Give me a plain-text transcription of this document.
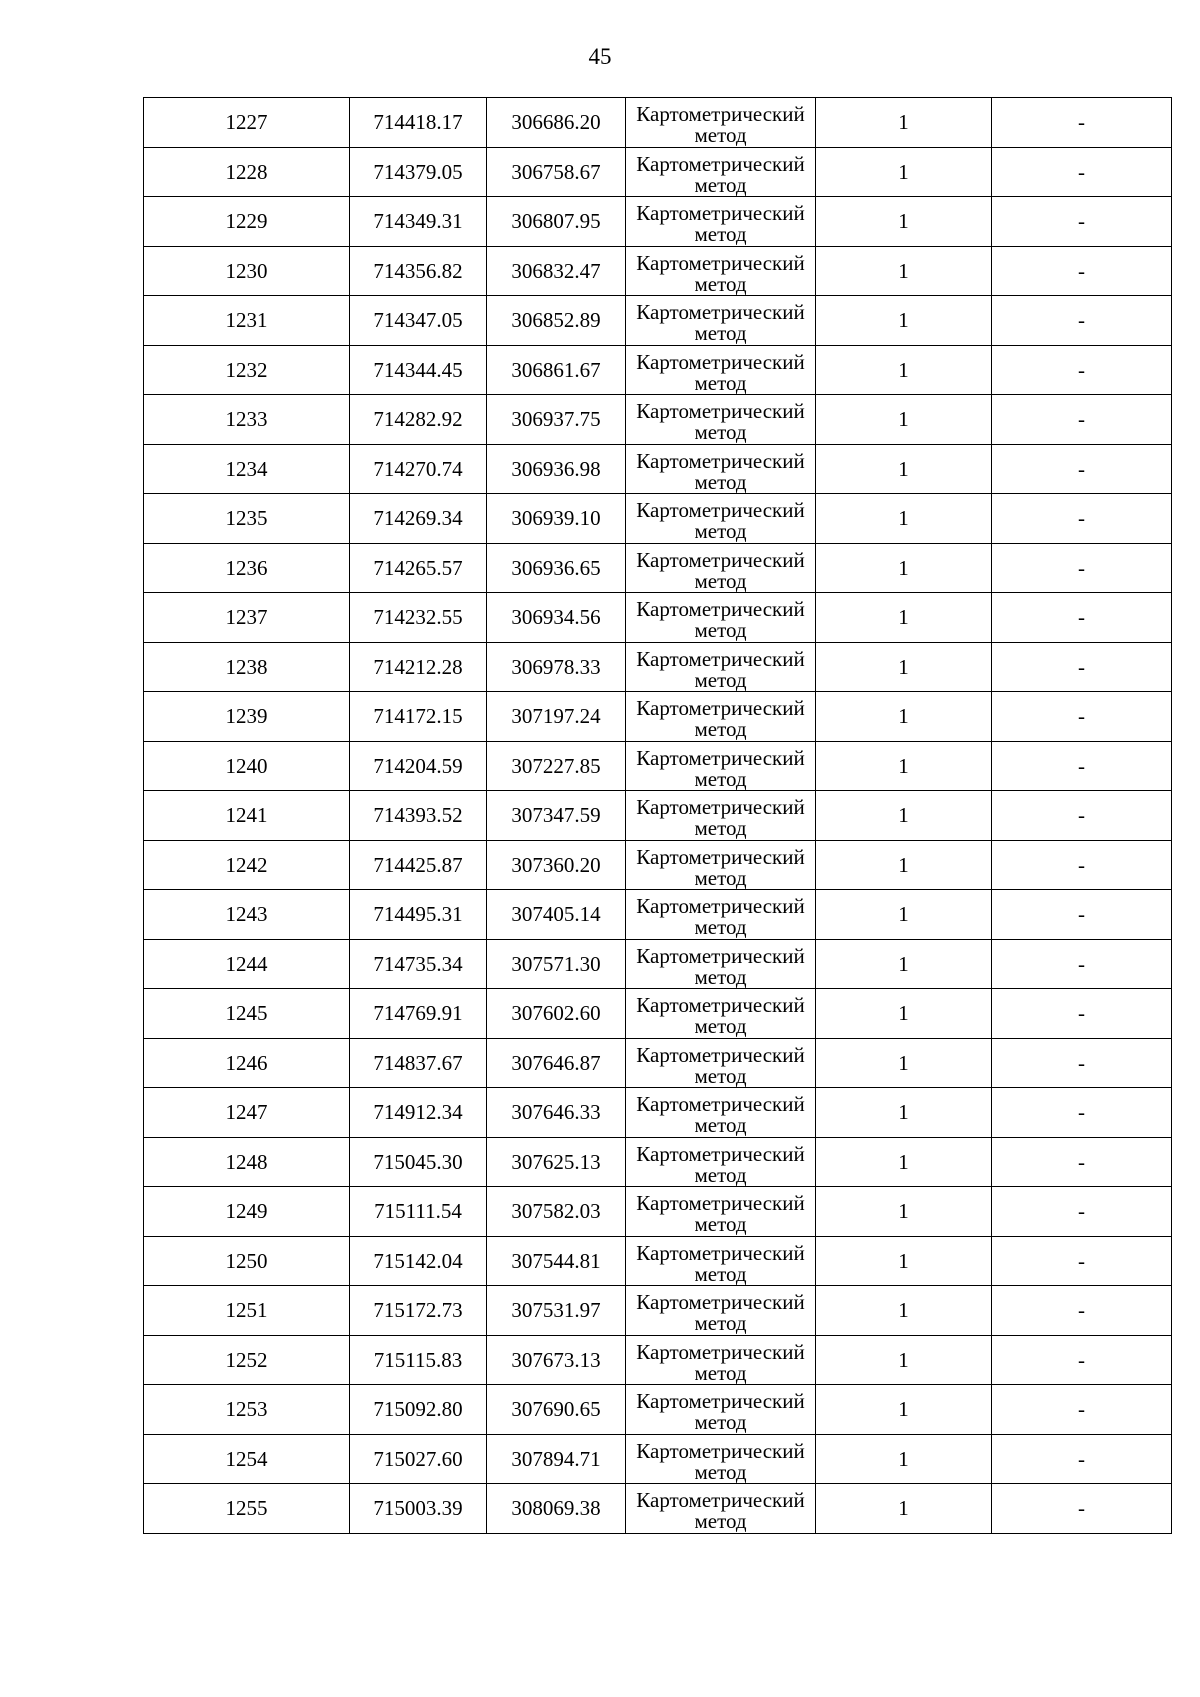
45
1227	714418.17	306686.20	Картометрический
метод	1	-
1228	714379.05	306758.67	Картометрический
метод	1	-
1229	714349.31	306807.95	Картометрический
метод	1	-
1230	714356.82	306832.47	Картометрический
метод	1	-
1231	714347.05	306852.89	Картометрический
метод	1	-
1232	714344.45	306861.67	Картометрический
метод	1	-
1233	714282.92	306937.75	Картометрический
метод	1	-
1234	714270.74	306936.98	Картометрический
метод	1	-
1235	714269.34	306939.10	Картометрический
метод	1	-
1236	714265.57	306936.65	Картометрический
метод	1	-
1237	714232.55	306934.56	Картометрический
метод	1	-
1238	714212.28	306978.33	Картометрический
метод	1	-
1239	714172.15	307197.24	Картометрический
метод	1	-
1240	714204.59	307227.85	Картометрический
метод	1	-
1241	714393.52	307347.59	Картометрический
метод	1	-
1242	714425.87	307360.20	Картометрический
метод	1	-
1243	714495.31	307405.14	Картометрический
метод	1	-
1244	714735.34	307571.30	Картометрический
метод	1	-
1245	714769.91	307602.60	Картометрический
метод	1	-
1246	714837.67	307646.87	Картометрический
метод	1	-
1247	714912.34	307646.33	Картометрический
метод	1	-
1248	715045.30	307625.13	Картометрический
метод	1	-
1249	715111.54	307582.03	Картометрический
метод	1	-
1250	715142.04	307544.81	Картометрический
метод	1	-
1251	715172.73	307531.97	Картометрический
метод	1	-
1252	715115.83	307673.13	Картометрический
метод	1	-
1253	715092.80	307690.65	Картометрический
метод	1	-
1254	715027.60	307894.71	Картометрический
метод	1	-
1255	715003.39	308069.38	Картометрический
метод	1	-
